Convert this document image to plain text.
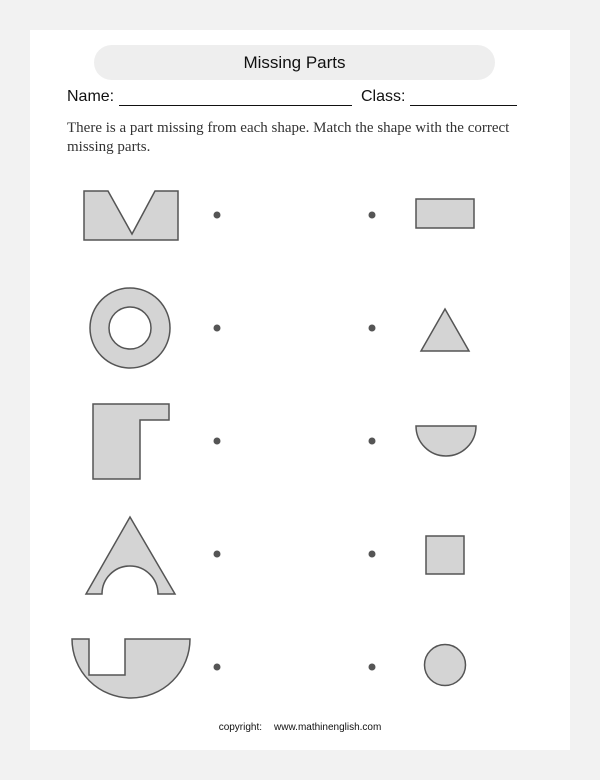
Missing Parts
Name:	Class:
There is a part missing from each shape. Match the shape with the correct missing parts.
copyright: www.mathinenglish.com
